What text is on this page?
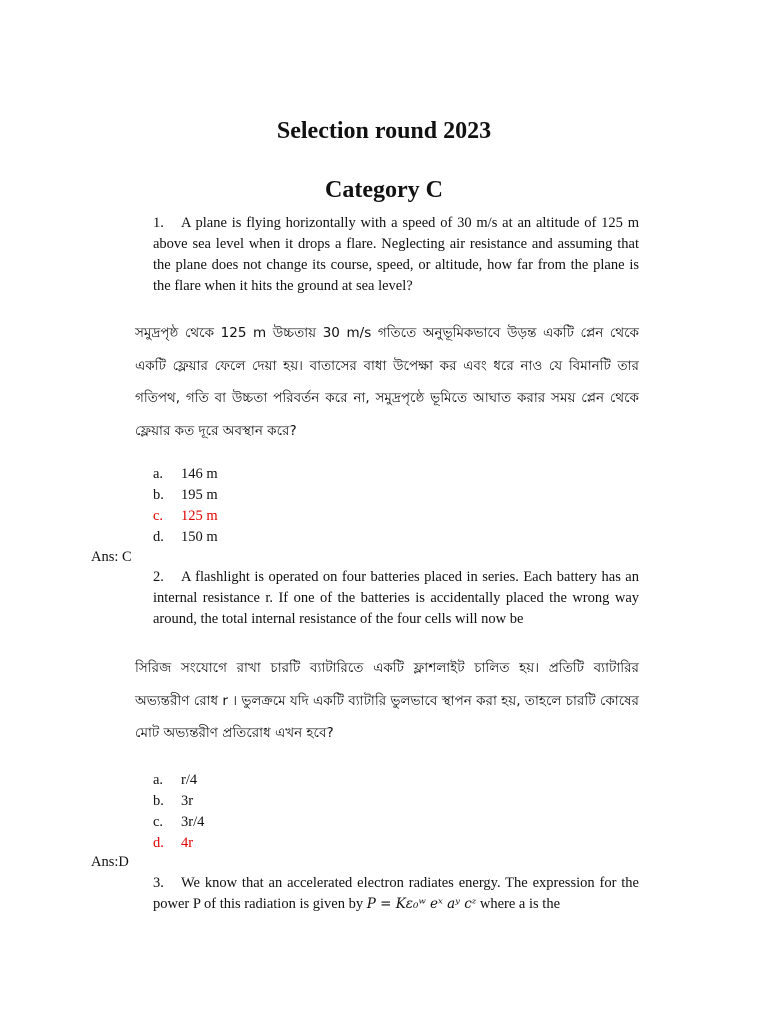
Selection round 2023
Category C
1. A plane is flying horizontally with a speed of 30 m/s at an altitude of 125 m above sea level when it drops a flare. Neglecting air resistance and assuming that the plane does not change its course, speed, or altitude, how far from the plane is the flare when it hits the ground at sea level?
সমুদ্রপৃষ্ঠ থেকে 125 m উচ্চতায় 30 m/s গতিতে অনুভূমিকভাবে উড়ন্ত একটি প্লেন থেকে একটি ফ্লেয়ার ফেলে দেয়া হয়। বাতাসের বাধা উপেক্ষা কর এবং ধরে নাও যে বিমানটি তার গতিপথ, গতি বা উচ্চতা পরিবর্তন করে না, সমুদ্রপৃষ্ঠে ভূমিতে আঘাত করার সময় প্লেন থেকে ফ্লেয়ার কত দূরে অবস্থান করে?
a. 146 m
b. 195 m
c. 125 m
d. 150 m
Ans: C
2. A flashlight is operated on four batteries placed in series. Each battery has an internal resistance r. If one of the batteries is accidentally placed the wrong way around, the total internal resistance of the four cells will now be
সিরিজ সংযোগে রাখা চারটি ব্যাটারিতে একটি ফ্লাশলাইট চালিত হয়। প্রতিটি ব্যাটারির অভ্যন্তরীণ রোধ r । ভুলক্রমে যদি একটি ব্যাটারি ভুলভাবে স্থাপন করা হয়, তাহলে চারটি কোষের মোট অভ্যন্তরীণ প্রতিরোধ এখন হবে?
a. r/4
b. 3r
c. 3r/4
d. 4r
Ans:D
3. We know that an accelerated electron radiates energy. The expression for the power P of this radiation is given by P = Kε₀ʷ eˣ aʸ cᶻ where a is the
